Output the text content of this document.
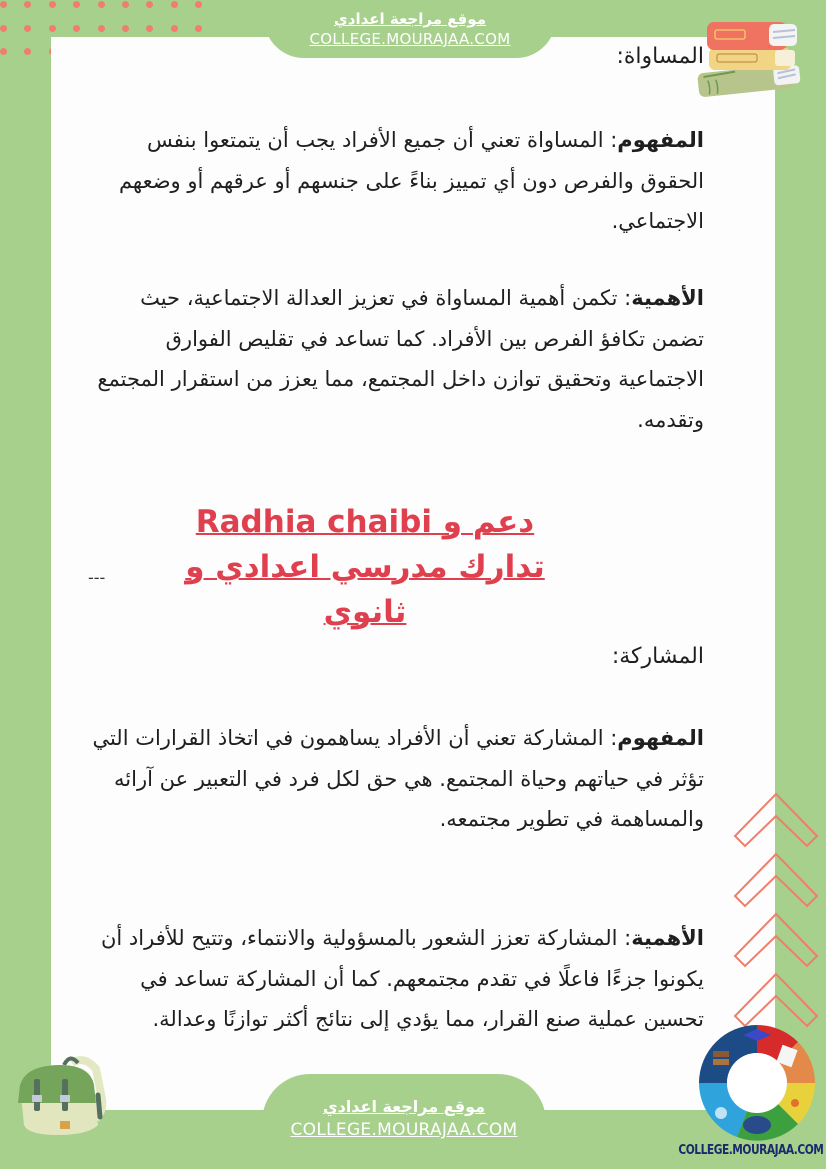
موقع مراجعة اعدادي
COLLEGE.MOURAJAA.COM
المساواة:
المفهوم: المساواة تعني أن جميع الأفراد يجب أن يتمتعوا بنفس الحقوق والفرص دون أي تمييز بناءً على جنسهم أو عرقهم أو وضعهم الاجتماعي.
الأهمية: تكمن أهمية المساواة في تعزيز العدالة الاجتماعية، حيث تضمن تكافؤ الفرص بين الأفراد. كما تساعد في تقليص الفوارق الاجتماعية وتحقيق توازن داخل المجتمع، مما يعزز من استقرار المجتمع وتقدمه.
دعم و Radhia chaibi
تدارك مدرسي اعدادي و
ثانوي
---
المشاركة:
المفهوم: المشاركة تعني أن الأفراد يساهمون في اتخاذ القرارات التي تؤثر في حياتهم وحياة المجتمع. هي حق لكل فرد في التعبير عن آرائه والمساهمة في تطوير مجتمعه.
الأهمية: المشاركة تعزز الشعور بالمسؤولية والانتماء، وتتيح للأفراد أن يكونوا جزءًا فاعلًا في تقدم مجتمعهم. كما أن المشاركة تساعد في تحسين عملية صنع القرار، مما يؤدي إلى نتائج أكثر توازنًا وعدالة.
موقع مراجعة اعدادي
COLLEGE.MOURAJAA.COM
COLLEGE.MOURAJAA.COM
